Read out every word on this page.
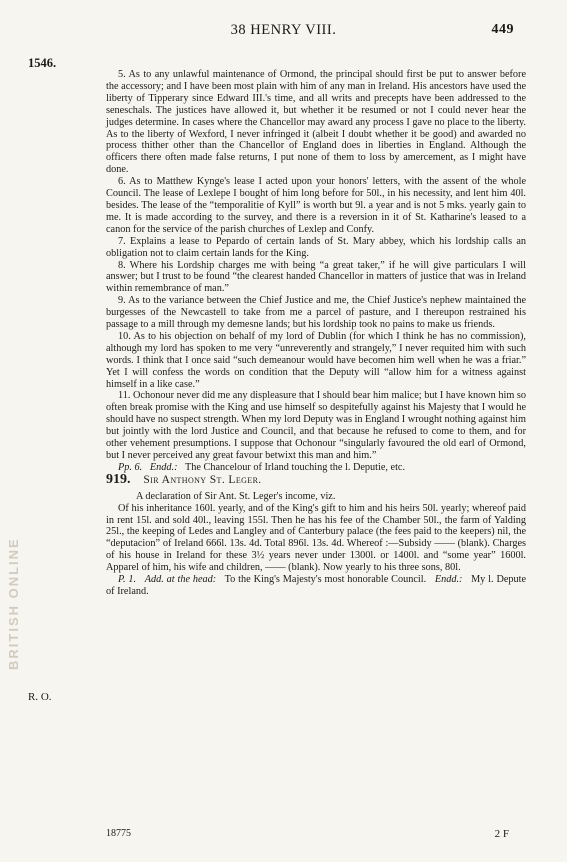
38 HENRY VIII.	449
1546.
R. O.
BRITISH ONLINE

5. As to any unlawful maintenance of Ormond, the principal should first be put to answer before the accessory; and I have been most plain with him of any man in Ireland. His ancestors have used the liberty of Tipperary since Edward III.'s time, and all writs and precepts have been addressed to the seneschals. The justices have allowed it, but whether it be resumed or not I could never hear the judges determine. In cases where the Chancellor may award any process I gave no place to the liberty. As to the liberty of Wexford, I never infringed it (albeit I doubt whether it be good) and awarded no process thither other than the Chancellor of England does in liberties in England. Although the officers there often made false returns, I put none of them to loss by amercement, as I might have done.

6. As to Matthew Kynge's lease I acted upon your honors' letters, with the assent of the whole Council. The lease of Lexlepe I bought of him long before for 50l., in his necessity, and lent him 40l. besides. The lease of the “temporalitie of Kyll” is worth but 9l. a year and is not 5 mks. yearly gain to me. It is made according to the survey, and there is a reversion in it of St. Katharine's leased to a canon for the service of the parish churches of Lexlep and Confy.

7. Explains a lease to Pepardo of certain lands of St. Mary abbey, which his lordship calls an obligation not to claim certain lands for the King.

8. Where his Lordship charges me with being “a great taker,” if he will give particulars I will answer; but I trust to be found “the clearest handed Chancellor in matters of justice that was in Ireland within remembrance of man.”

9. As to the variance between the Chief Justice and me, the Chief Justice's nephew maintained the burgesses of the Newcastell to take from me a parcel of pasture, and I thereupon restrained his passage to a mill through my demesne lands; but his lordship took no pains to make us friends.

10. As to his objection on behalf of my lord of Dublin (for which I think he has no commission), although my lord has spoken to me very “unreverently and strangely,” I never requited him with such words. I think that I once said “such demeanour would have becomen him well when he was a friar.” Yet I will confess the words on condition that the Deputy will “allow him for a witness against himself in a like case.”

11. Ochonour never did me any displeasure that I should bear him malice; but I have known him so often break promise with the King and use himself so despitefully against his Majesty that I would he should have no suspect strength. When my lord Deputy was in England I wrought nothing against him but jointly with the lord Justice and Council, and that because he refused to come to them, and for other vehement presumptions. I suppose that Ochonour “singularly favoured the old earl of Ormond, but I never perceived any great favour betwixt this man and him.”

Pp. 6. Endd.: The Chancelour of Irland touching the l. Deputie, etc.

919. Sir Anthony St. Leger.

A declaration of Sir Ant. St. Leger's income, viz.

Of his inheritance 160l. yearly, and of the King's gift to him and his heirs 50l. yearly; whereof paid in rent 15l. and sold 40l., leaving 155l. Then he has his fee of the Chamber 50l., the farm of Yalding 25l., the keeping of Ledes and Langley and of Canterbury palace (the fees paid to the keepers) nil, the “deputacion” of Ireland 666l. 13s. 4d. Total 896l. 13s. 4d. Whereof :—Subsidy —— (blank). Charges of his house in Ireland for these 3½ years never under 1300l. or 1400l. and “some year” 1600l. Apparel of him, his wife and children, —— (blank). Now yearly to his three sons, 80l.

P. 1. Add. at the head: To the King's Majesty's most honorable Council. Endd.: My l. Depute of Ireland.

18775	2 F
